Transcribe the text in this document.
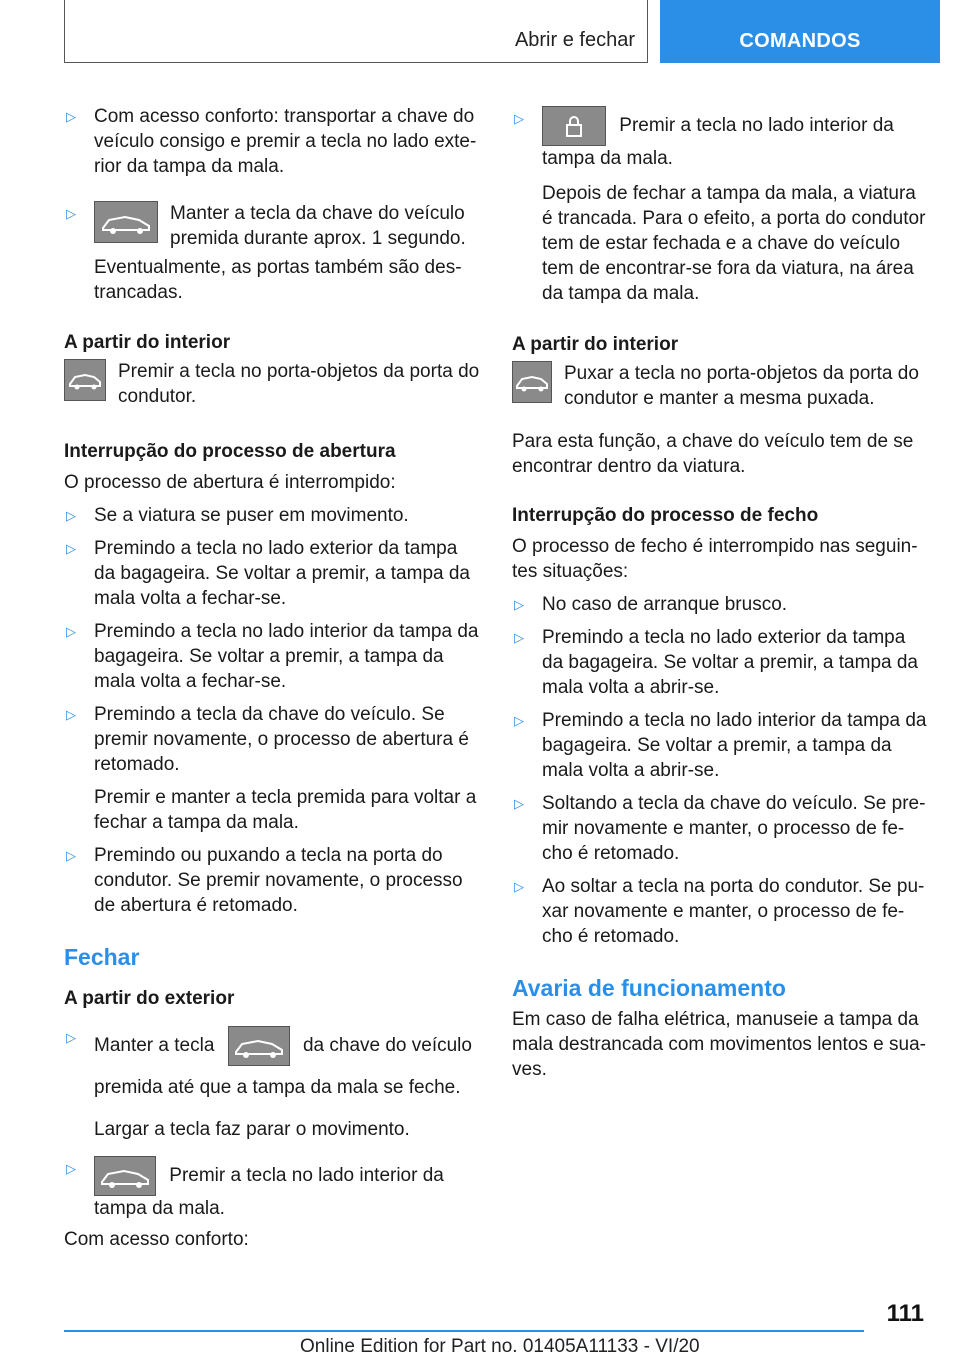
Abrir e fechar	COMANDOS

▷ Com acesso conforto: transportar a chave do veículo consigo e premir a tecla no lado exte-rior da tampa da mala.

▷ Manter a tecla da chave do veículo premida durante aprox. 1 segundo.

Eventualmente, as portas também são des-trancadas.

A partir do interior

Premir a tecla no porta-objetos da porta do condutor.

Interrupção do processo de abertura

O processo de abertura é interrompido:

▷ Se a viatura se puser em movimento.

▷ Premindo a tecla no lado exterior da tampa da bagageira. Se voltar a premir, a tampa da mala volta a fechar-se.

▷ Premindo a tecla no lado interior da tampa da bagageira. Se voltar a premir, a tampa da mala volta a fechar-se.

▷ Premindo a tecla da chave do veículo. Se premir novamente, o processo de abertura é retomado.

Premir e manter a tecla premida para voltar a fechar a tampa da mala.

▷ Premindo ou puxando a tecla na porta do condutor. Se premir novamente, o processo de abertura é retomado.

Fechar

A partir do exterior

▷ Manter a tecla	da chave do veículo premida até que a tampa da mala se feche.

Largar a tecla faz parar o movimento.

▷ Premir a tecla no lado interior da

tampa da mala.

Com acesso conforto:

▷ Premir a tecla no lado interior da

tampa da mala.

Depois de fechar a tampa da mala, a viatura é trancada. Para o efeito, a porta do condutor tem de estar fechada e a chave do veículo tem de encontrar-se fora da viatura, na área da tampa da mala.

A partir do interior

Puxar a tecla no porta-objetos da porta do condutor e manter a mesma puxada.

Para esta função, a chave do veículo tem de se encontrar dentro da viatura.

Interrupção do processo de fecho

O processo de fecho é interrompido nas seguin-tes situações:

▷ No caso de arranque brusco.

▷ Premindo a tecla no lado exterior da tampa da bagageira. Se voltar a premir, a tampa da mala volta a abrir-se.

▷ Premindo a tecla no lado interior da tampa da bagageira. Se voltar a premir, a tampa da mala volta a abrir-se.

▷ Soltando a tecla da chave do veículo. Se pre-mir novamente e manter, o processo de fe-cho é retomado.

▷ Ao soltar a tecla na porta do condutor. Se pu-xar novamente e manter, o processo de fe-cho é retomado.

Avaria de funcionamento

Em caso de falha elétrica, manuseie a tampa da mala destrancada com movimentos lentos e sua-ves.

111
Online Edition for Part no. 01405A11133 - VI/20
